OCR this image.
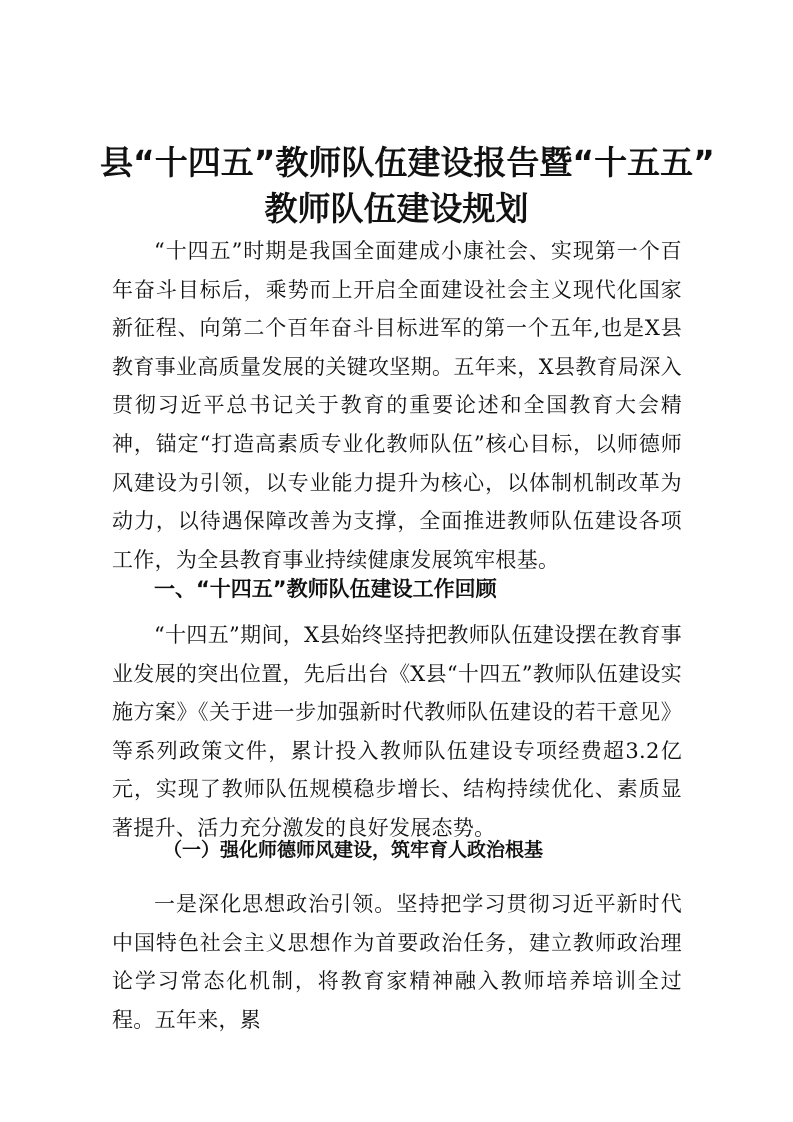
县“十四五”教师队伍建设报告暨“十五五”
教师队伍建设规划

“十四五”时期是我国全面建成小康社会、实现第一个百年奋斗目标后，乘势而上开启全面建设社会主义现代化国家新征程、向第二个百年奋斗目标进军的第一个五年,也是X县教育事业高质量发展的关键攻坚期。五年来，X县教育局深入贯彻习近平总书记关于教育的重要论述和全国教育大会精神，锚定“打造高素质专业化教师队伍”核心目标，以师德师风建设为引领，以专业能力提升为核心，以体制机制改革为动力，以待遇保障改善为支撑，全面推进教师队伍建设各项工作，为全县教育事业持续健康发展筑牢根基。

一、“十四五”教师队伍建设工作回顾

“十四五”期间，X县始终坚持把教师队伍建设摆在教育事业发展的突出位置，先后出台《X县“十四五”教师队伍建设实施方案》《关于进一步加强新时代教师队伍建设的若干意见》等系列政策文件，累计投入教师队伍建设专项经费超3.2亿元，实现了教师队伍规模稳步增长、结构持续优化、素质显著提升、活力充分激发的良好发展态势。

（一）强化师德师风建设，筑牢育人政治根基

一是深化思想政治引领。坚持把学习贯彻习近平新时代中国特色社会主义思想作为首要政治任务，建立教师政治理论学习常态化机制，将教育家精神融入教师培养培训全过程。五年来，累
